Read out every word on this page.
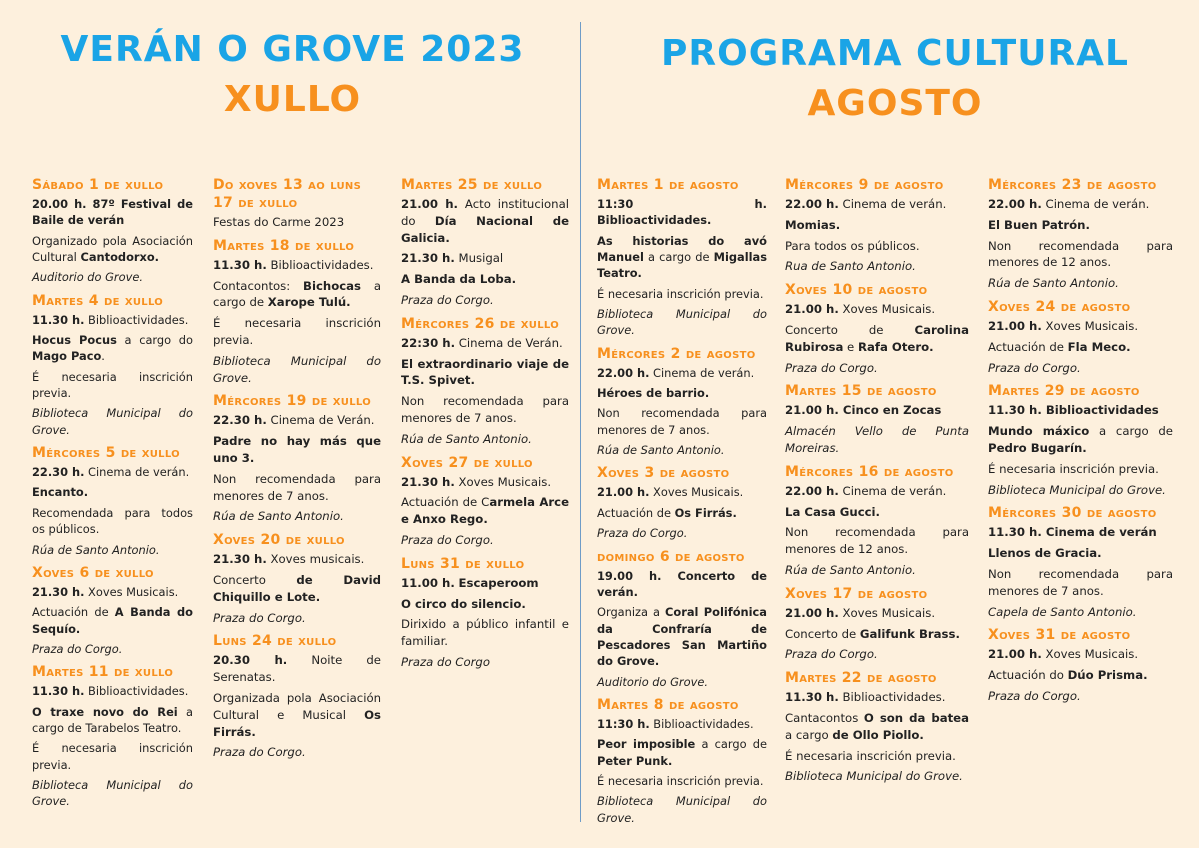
VERÁN O GROVE 2023
XULLO
PROGRAMA CULTURAL
AGOSTO
Sábado 1 de xullo
20.00 h. 87º Festival de Baile de verán
Organizado pola Asociación Cultural Cantodorxo.
Auditorio do Grove.
Martes 4 de xullo
11.30 h. Biblioactividades.
Hocus Pocus a cargo do Mago Paco.
É necesaria inscrición previa.
Biblioteca Municipal do Grove.
Mércores 5 de xullo
22.30 h. Cinema de verán.
Encanto.
Recomendada para todos os públicos.
Rúa de Santo Antonio.
Xoves 6 de xullo
21.30 h. Xoves Musicais.
Actuación de A Banda do Sequío.
Praza do Corgo.
Martes 11 de xullo
11.30 h. Biblioactividades.
O traxe novo do Rei a cargo de Tarabelos Teatro.
É necesaria inscrición previa.
Biblioteca Municipal do Grove.
Do xoves 13 ao luns 17 de xullo
Festas do Carme 2023
Martes 18 de xullo
11.30 h. Biblioactividades.
Contacontos: Bichocas a cargo de Xarope Tulú.
É necesaria inscrición previa.
Biblioteca Municipal do Grove.
Mércores 19 de xullo
22.30 h. Cinema de Verán.
Padre no hay más que uno 3.
Non recomendada para menores de 7 anos.
Rúa de Santo Antonio.
Xoves 20 de xullo
21.30 h. Xoves musicais.
Concerto de David Chiquillo e Lote.
Praza do Corgo.
Luns 24 de xullo
20.30 h. Noite de Serenatas.
Organizada pola Asociación Cultural e Musical Os Firrás.
Praza do Corgo.
Martes 25 de xullo
21.00 h. Acto institucional do Día Nacional de Galicia.
21.30 h. Musigal
A Banda da Loba.
Praza do Corgo.
Mércores 26 de xullo
22:30 h. Cinema de Verán.
El extraordinario viaje de T.S. Spivet.
Non recomendada para menores de 7 anos.
Rúa de Santo Antonio.
Xoves 27 de xullo
21.30 h. Xoves Musicais.
Actuación de Carmela Arce e Anxo Rego.
Praza do Corgo.
Luns 31 de xullo
11.00 h. Escaperoom
O circo do silencio.
Dirixido a público infantil e familiar.
Praza do Corgo
Martes 1 de agosto
11:30 h. Biblioactividades.
As historias do avó Manuel a cargo de Migallas Teatro.
É necesaria inscrición previa.
Biblioteca Municipal do Grove.
Mércores 2 de agosto
22.00 h. Cinema de verán.
Héroes de barrio.
Non recomendada para menores de 7 anos.
Rúa de Santo Antonio.
Xoves 3 de agosto
21.00 h. Xoves Musicais.
Actuación de Os Firrás.
Praza do Corgo.
domingo 6 de agosto
19.00 h. Concerto de verán.
Organiza a Coral Polifónica da Confraría de Pescadores San Martiño do Grove.
Auditorio do Grove.
Martes 8 de agosto
11:30 h. Biblioactividades.
Peor imposible a cargo de Peter Punk.
É necesaria inscrición previa.
Biblioteca Municipal do Grove.
Mércores 9 de agosto
22.00 h. Cinema de verán.
Momias.
Para todos os públicos.
Rua de Santo Antonio.
Xoves 10 de agosto
21.00 h. Xoves Musicais.
Concerto de Carolina Rubirosa e Rafa Otero.
Praza do Corgo.
Martes 15 de agosto
21.00 h. Cinco en Zocas
Almacén Vello de Punta Moreiras.
Mércores 16 de agosto
22.00 h. Cinema de verán.
La Casa Gucci.
Non recomendada para menores de 12 anos.
Rúa de Santo Antonio.
Xoves 17 de agosto
21.00 h. Xoves Musicais.
Concerto de Galifunk Brass.
Praza do Corgo.
Martes 22 de agosto
11.30 h. Biblioactividades.
Cantacontos O son da batea a cargo de Ollo Piollo.
É necesaria inscrición previa.
Biblioteca Municipal do Grove.
Mércores 23 de agosto
22.00 h. Cinema de verán.
El Buen Patrón.
Non recomendada para menores de 12 anos.
Rúa de Santo Antonio.
Xoves 24 de agosto
21.00 h. Xoves Musicais.
Actuación de Fla Meco.
Praza do Corgo.
Martes 29 de agosto
11.30 h. Biblioactividades
Mundo máxico a cargo de Pedro Bugarín.
É necesaria inscrición previa.
Biblioteca Municipal do Grove.
Mércores 30 de agosto
11.30 h. Cinema de verán
Llenos de Gracia.
Non recomendada para menores de 7 anos.
Capela de Santo Antonio.
Xoves 31 de agosto
21.00 h. Xoves Musicais.
Actuación do Dúo Prisma.
Praza do Corgo.
